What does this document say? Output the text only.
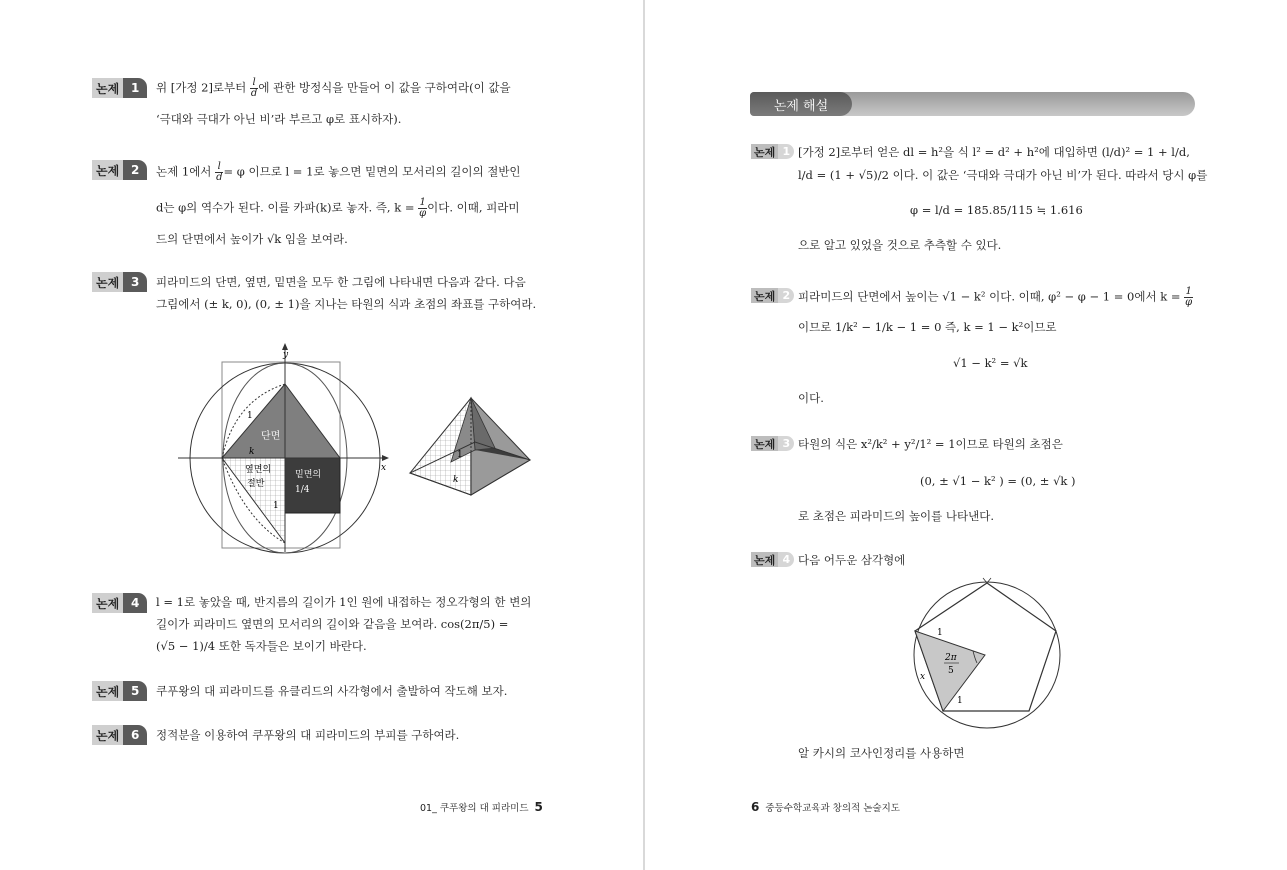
논제 1	위 [가정 2]로부터 $\frac{l}{d}$ 에 관한 방정식을 만들어 이 값을 구하여라(이 값을
‘극대와 극대가 아닌 비’라 부르고 φ로 표시하자).
논제 2	논제 1에서 $\frac{l}{d} = \varphi$ 이므로 l = 1로 놓으면 밑면의 모서리의 길이의 절반인
d는 φ의 역수가 된다. 이를 카파(k)로 놓자. 즉, $k = \frac{1}{\varphi}$ 이다. 이때, 피라미
드의 단면에서 높이가 √k 임을 보여라.
논제 3	피라미드의 단면, 옆면, 밑면을 모두 한 그림에 나타내면 다음과 같다. 다음
그림에서 (± k, 0), (0, ± 1)을 지나는 타원의 식과 초점의 좌표를 구하여라.
y
x
1
단면
k
옆면의
절반
밑면의
1/4
1
1
k
논제 4	l = 1로 놓았을 때, 반지름의 길이가 1인 원에 내접하는 정오각형의 한 변의
길이가 피라미드 옆면의 모서리의 길이와 같음을 보여라. cos(2π/5) =
(√5 − 1)/4 또한 독자들은 보이기 바란다.
논제 5	쿠푸왕의 대 피라미드를 유클리드의 사각형에서 출발하여 작도해 보자.
논제 6	정적분을 이용하여 쿠푸왕의 대 피라미드의 부피를 구하여라.
01_ 쿠푸왕의 대 피라미드 5
논제 해설
논제 1 [가정 2]로부터 얻은 dl = h²을 식 l² = d² + h²에 대입하면 (l/d)² = 1 + l/d,
l/d = (1 + √5)/2 이다. 이 값은 ‘극대와 극대가 아닌 비’가 된다. 따라서 당시 φ를
φ = l/d = 185.85/115 ≒ 1.616
으로 알고 있었을 것으로 추측할 수 있다.
논제 2 피라미드의 단면에서 높이는 √1 − k² 이다. 이때, φ² − φ − 1 = 0에서 $k = \frac{1}{\varphi}$
이므로 1/k² − 1/k − 1 = 0 즉, k = 1 − k²이므로
√1 − k² = √k
이다.
논제 3 타원의 식은 x²/k² + y²/1² = 1이므로 타원의 초점은
(0, ± √1 − k² ) = (0, ± √k )
로 초점은 피라미드의 높이를 나타낸다.
논제 4 다음 어두운 삼각형에
1
2π
5
x
1
알 카시의 코사인정리를 사용하면
6 중등수학교육과 창의적 논술지도
